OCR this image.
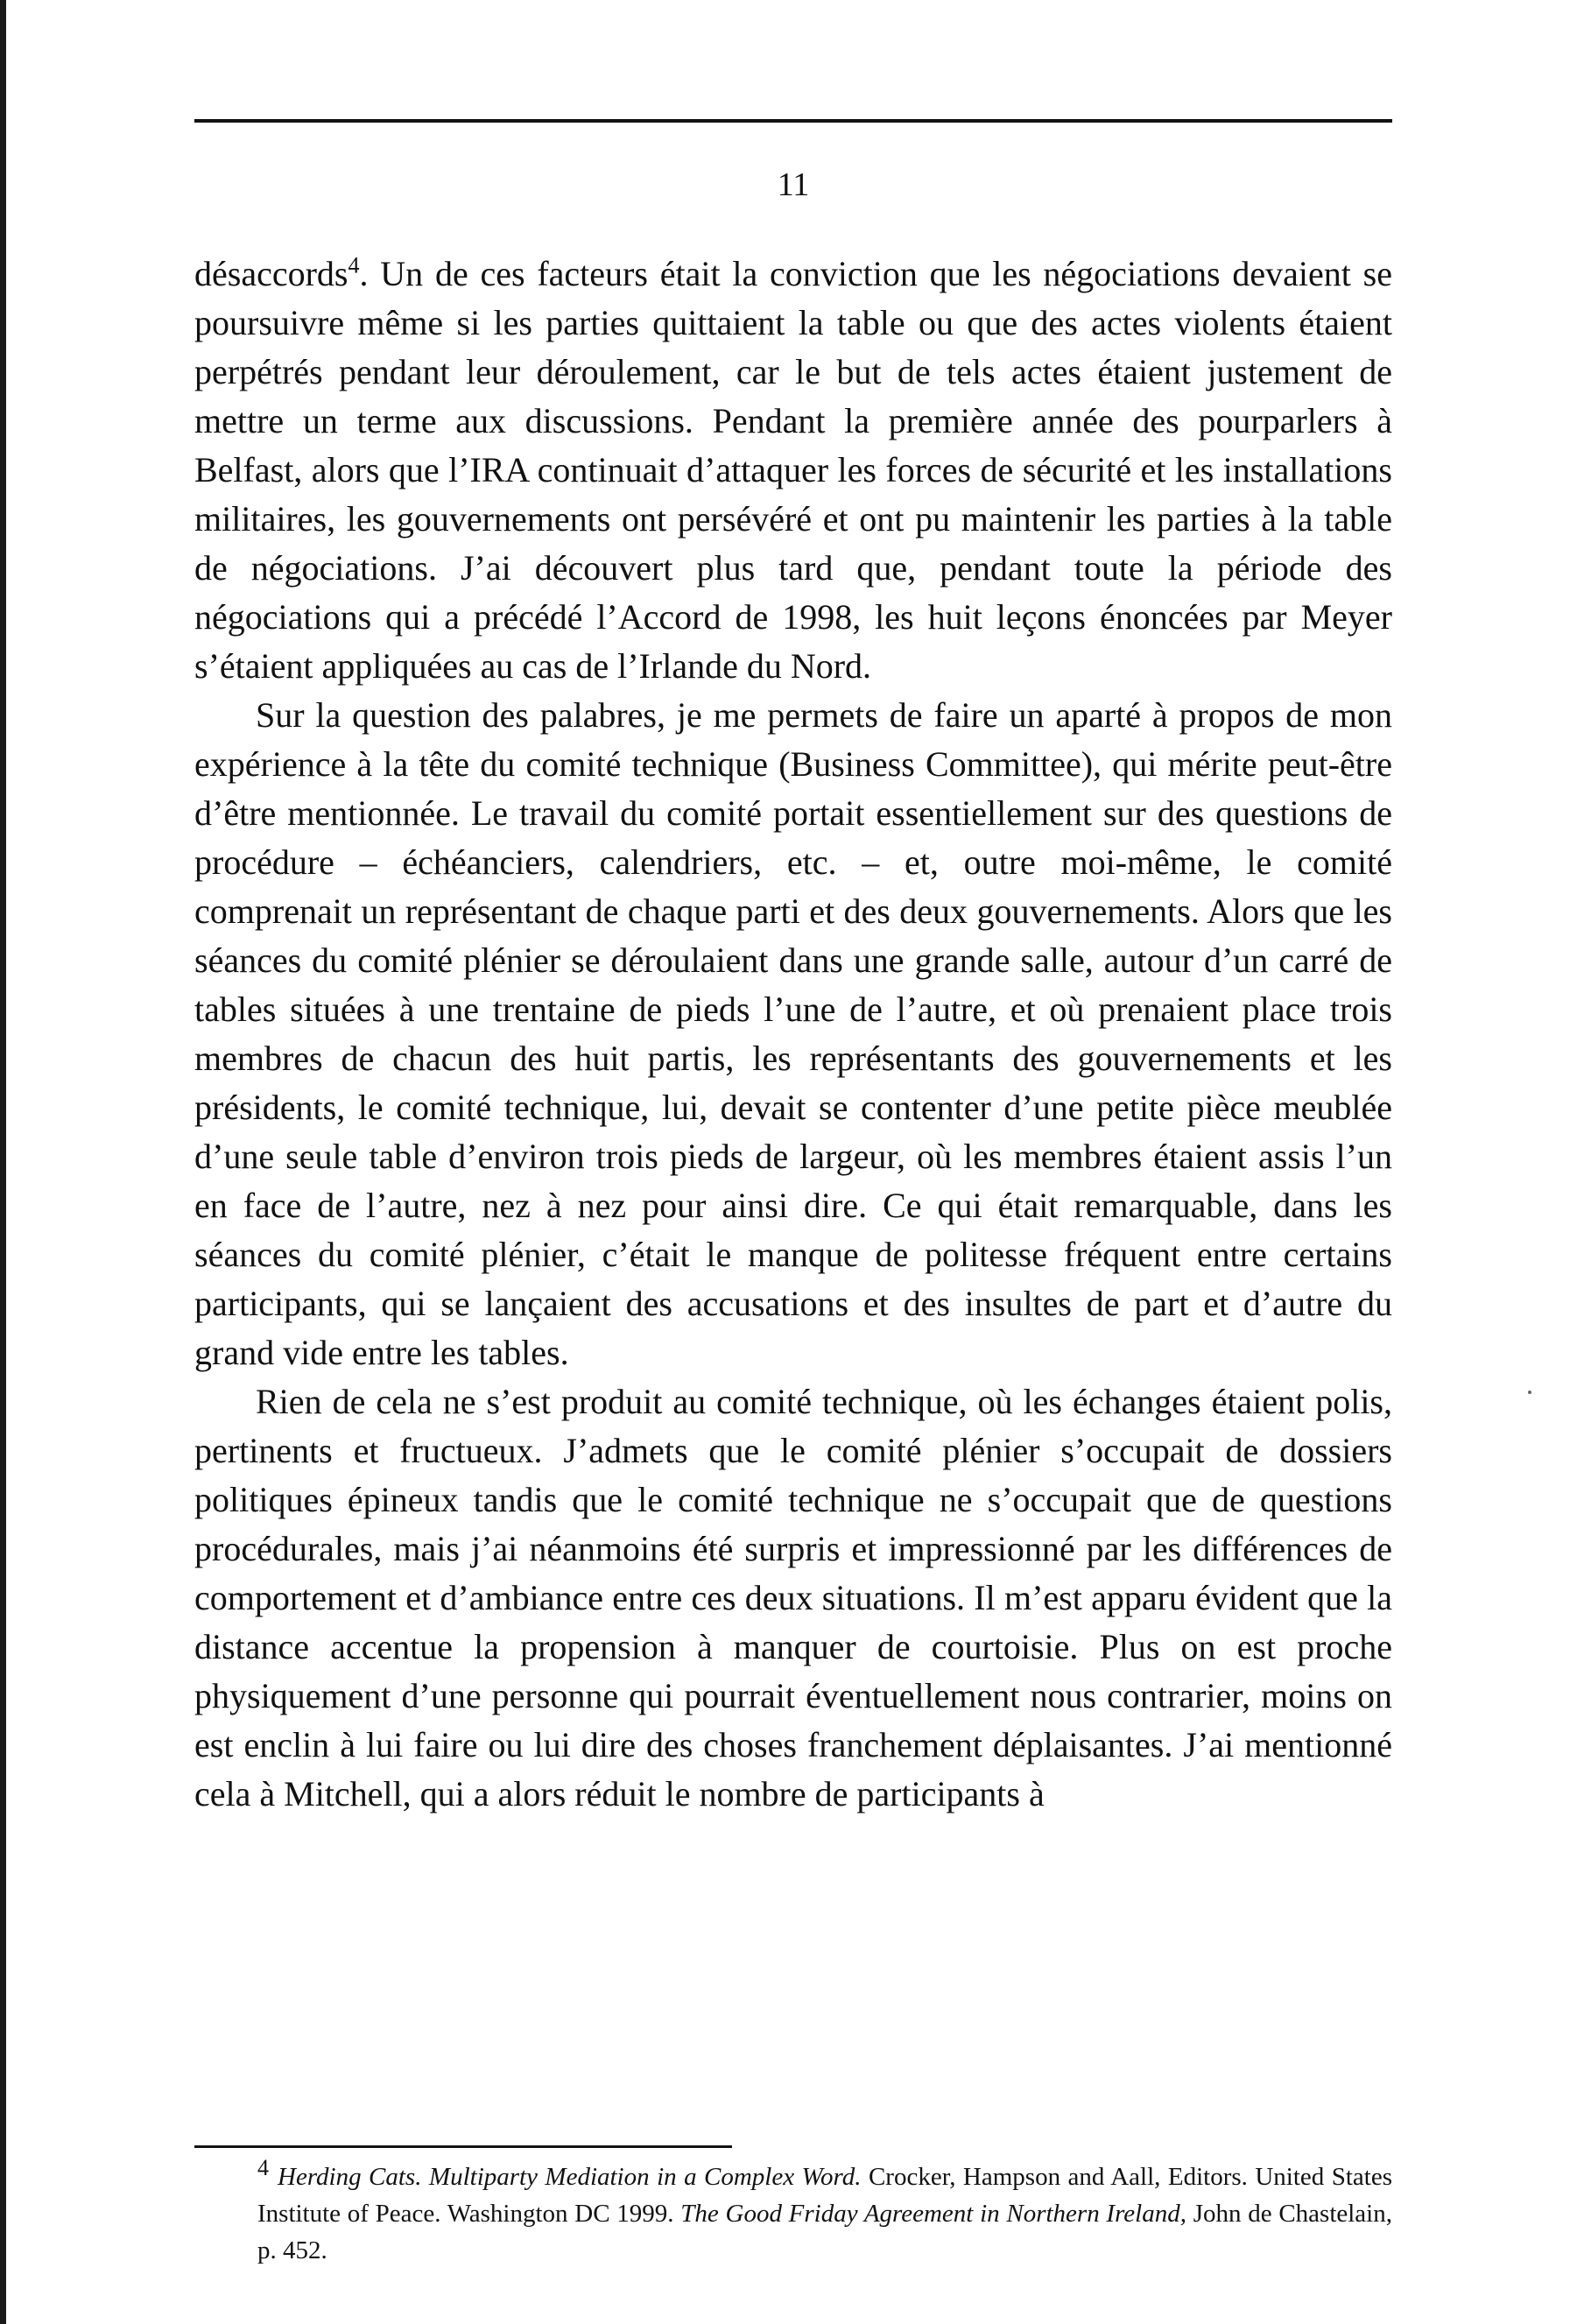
11

désaccords$^4$. Un de ces facteurs était la conviction que les négociations devaient se poursuivre même si les parties quittaient la table ou que des actes violents étaient perpétrés pendant leur déroulement, car le but de tels actes étaient justement de mettre un terme aux discussions. Pendant la première année des pourparlers à Belfast, alors que l’IRA continuait d’attaquer les forces de sécurité et les installations militaires, les gouvernements ont persévéré et ont pu maintenir les parties à la table de négociations. J’ai découvert plus tard que, pendant toute la période des négociations qui a précédé l’Accord de 1998, les huit leçons énoncées par Meyer s’étaient appliquées au cas de l’Irlande du Nord.

Sur la question des palabres, je me permets de faire un aparté à propos de mon expérience à la tête du comité technique (Business Committee), qui mérite peut-être d’être mentionnée. Le travail du comité portait essentiellement sur des questions de procédure – échéanciers, calendriers, etc. – et, outre moi-même, le comité comprenait un représentant de chaque parti et des deux gouvernements. Alors que les séances du comité plénier se déroulaient dans une grande salle, autour d’un carré de tables situées à une trentaine de pieds l’une de l’autre, et où prenaient place trois membres de chacun des huit partis, les représentants des gouvernements et les présidents, le comité technique, lui, devait se contenter d’une petite pièce meublée d’une seule table d’environ trois pieds de largeur, où les membres étaient assis l’un en face de l’autre, nez à nez pour ainsi dire. Ce qui était remarquable, dans les séances du comité plénier, c’était le manque de politesse fréquent entre certains participants, qui se lançaient des accusations et des insultes de part et d’autre du grand vide entre les tables.

Rien de cela ne s’est produit au comité technique, où les échanges étaient polis, pertinents et fructueux. J’admets que le comité plénier s’occupait de dossiers politiques épineux tandis que le comité technique ne s’occupait que de questions procédurales, mais j’ai néanmoins été surpris et impressionné par les différences de comportement et d’ambiance entre ces deux situations. Il m’est apparu évident que la distance accentue la propension à manquer de courtoisie. Plus on est proche physiquement d’une personne qui pourrait éventuellement nous contrarier, moins on est enclin à lui faire ou lui dire des choses franchement déplaisantes. J’ai mentionné cela à Mitchell, qui a alors réduit le nombre de participants à

4 Herding Cats. Multiparty Mediation in a Complex Word. Crocker, Hampson and Aall, Editors. United States Institute of Peace. Washington DC 1999. The Good Friday Agreement in Northern Ireland, John de Chastelain, p. 452.
